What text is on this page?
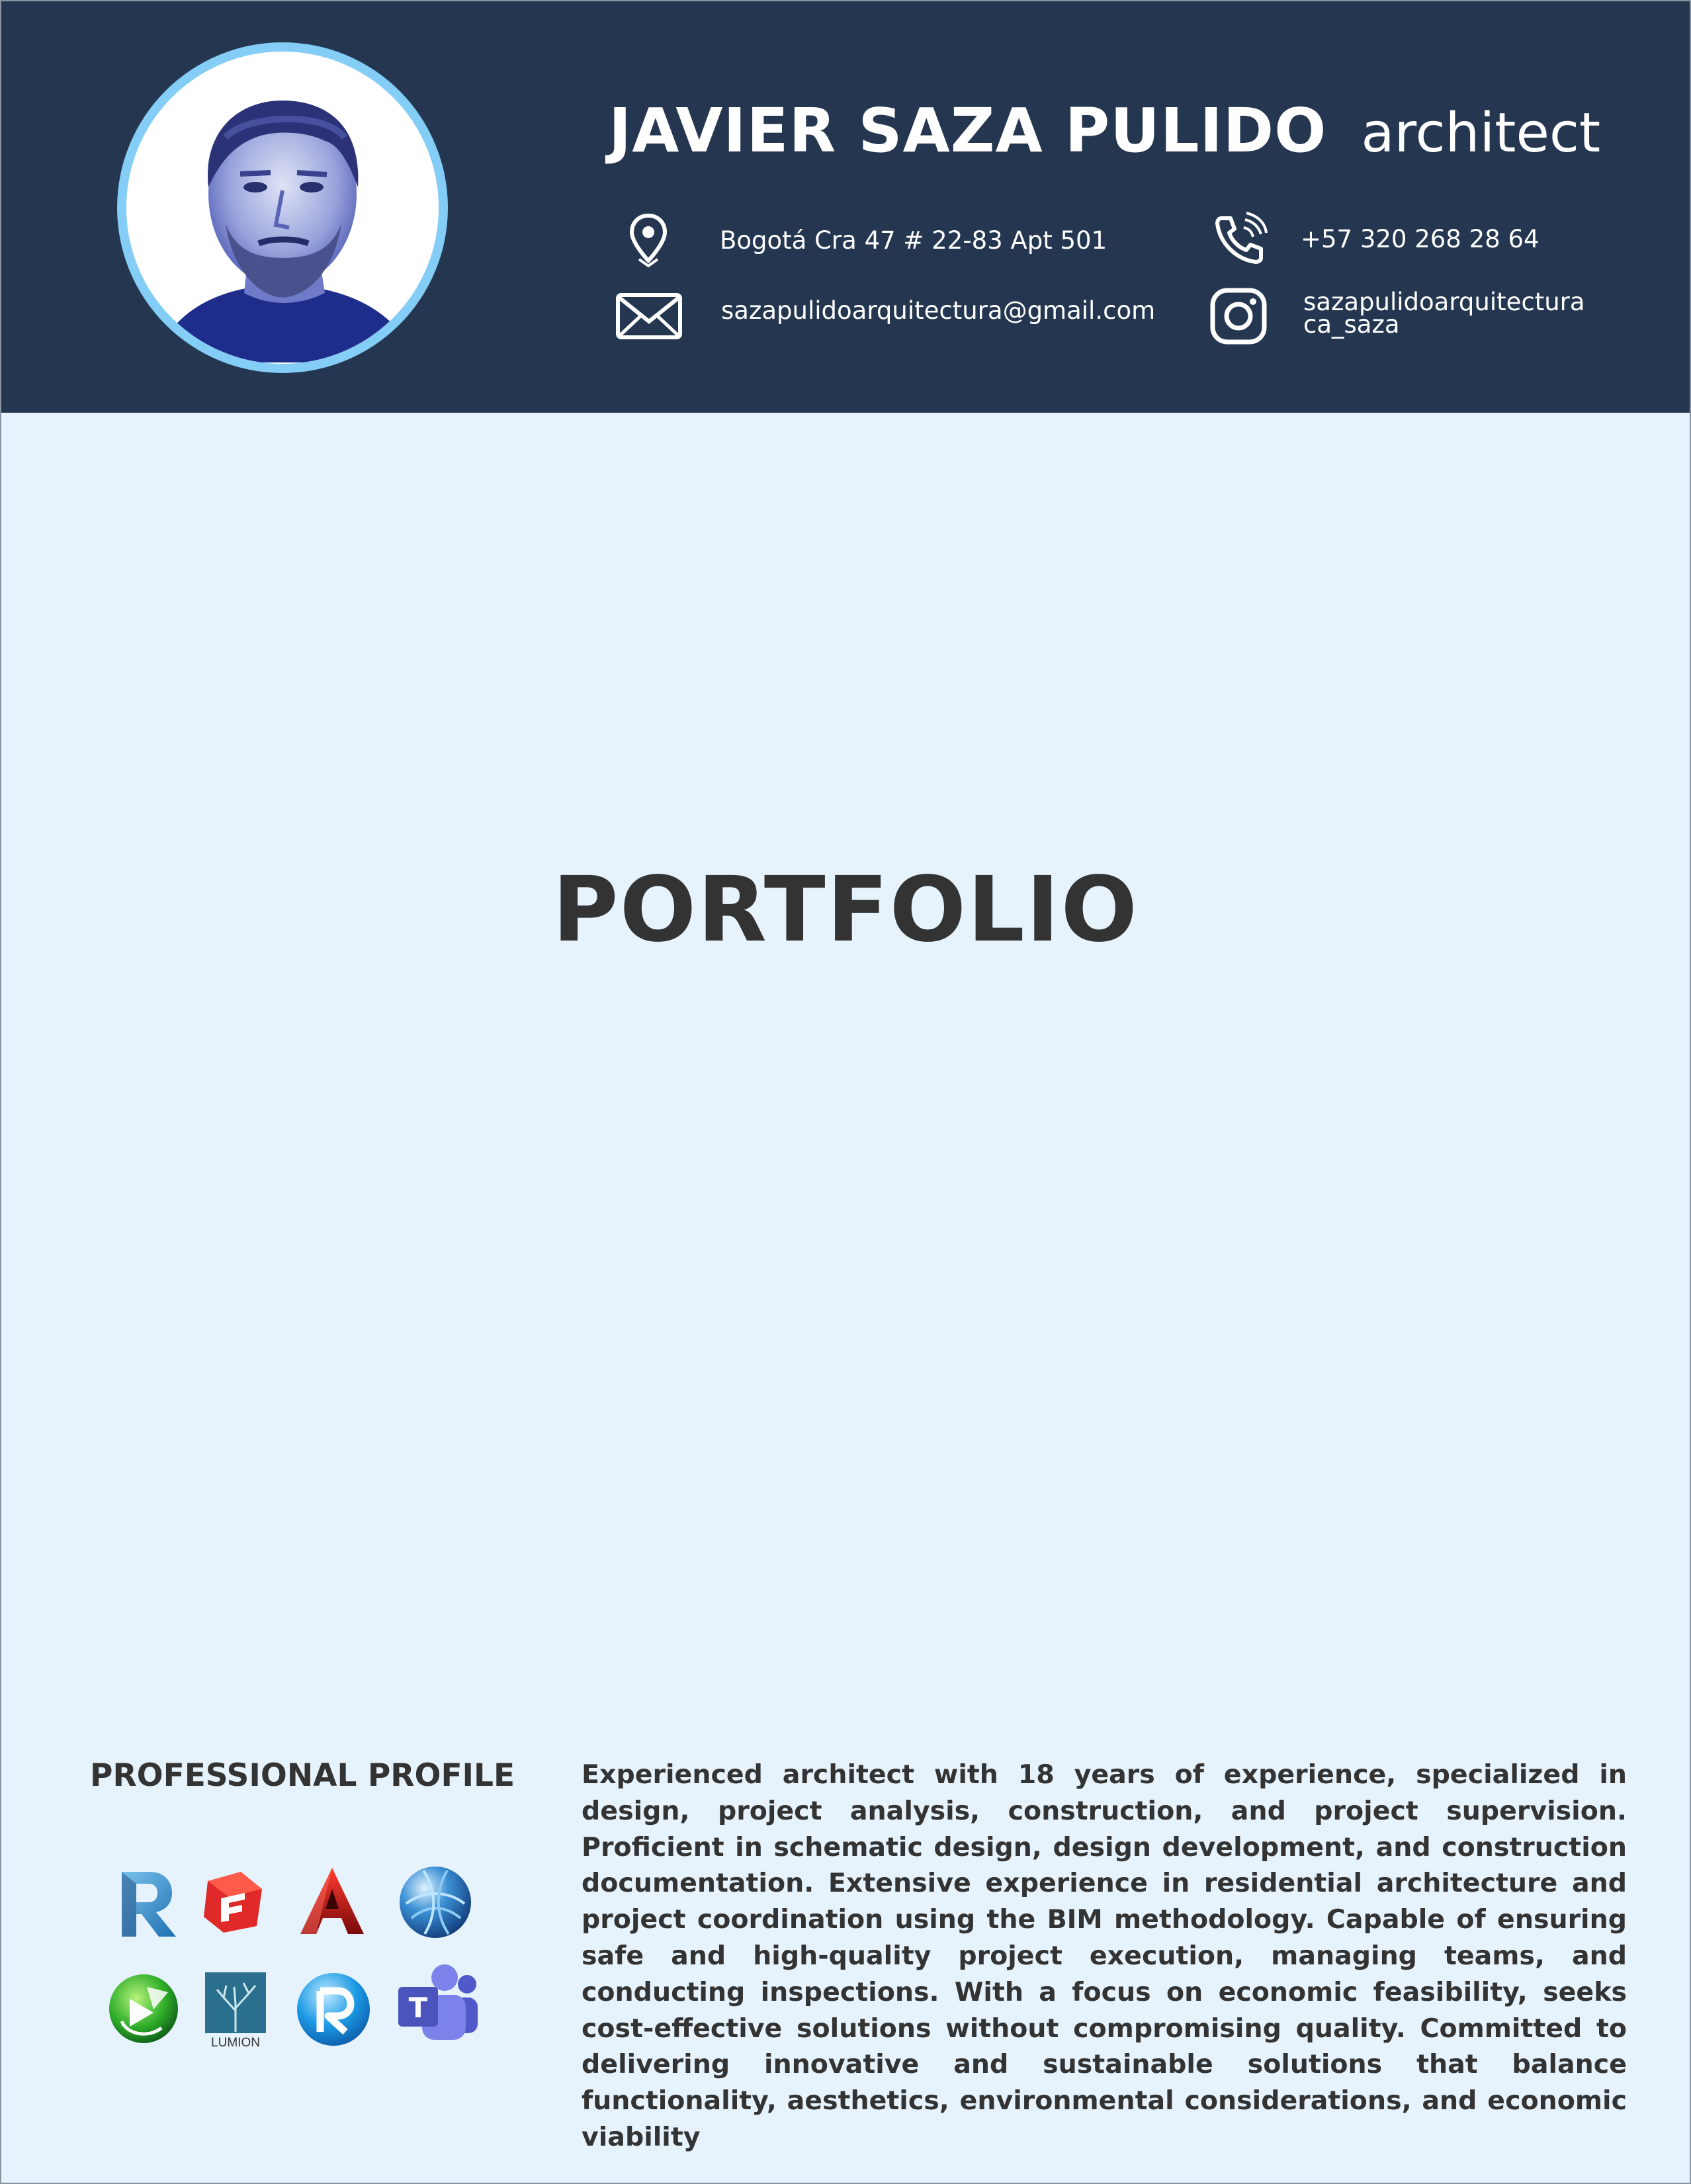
JAVIER SAZA PULIDO architect
Bogotá Cra 47 # 22-83 Apt 501	+57 320 268 28 64
sazapulidoarquitectura@gmail.com	sazapulidoarquitectura
ca_saza
PORTFOLIO
PROFESSIONAL PROFILE	Experienced architect with 18 years of experience, specialized in design, project analysis, construction, and project supervision. Proficient in schematic design, design development, and construction documentation. Extensive experience in residential architecture and project coordination using the BIM methodology. Capable of ensuring safe and high-quality project execution, managing teams, and conducting inspections. With a focus on economic feasibility, seeks cost-effective solutions without compromising quality. Committed to delivering innovative and sustainable solutions that balance functionality, aesthetics, environmental considerations, and economic viability
LUMION
T
